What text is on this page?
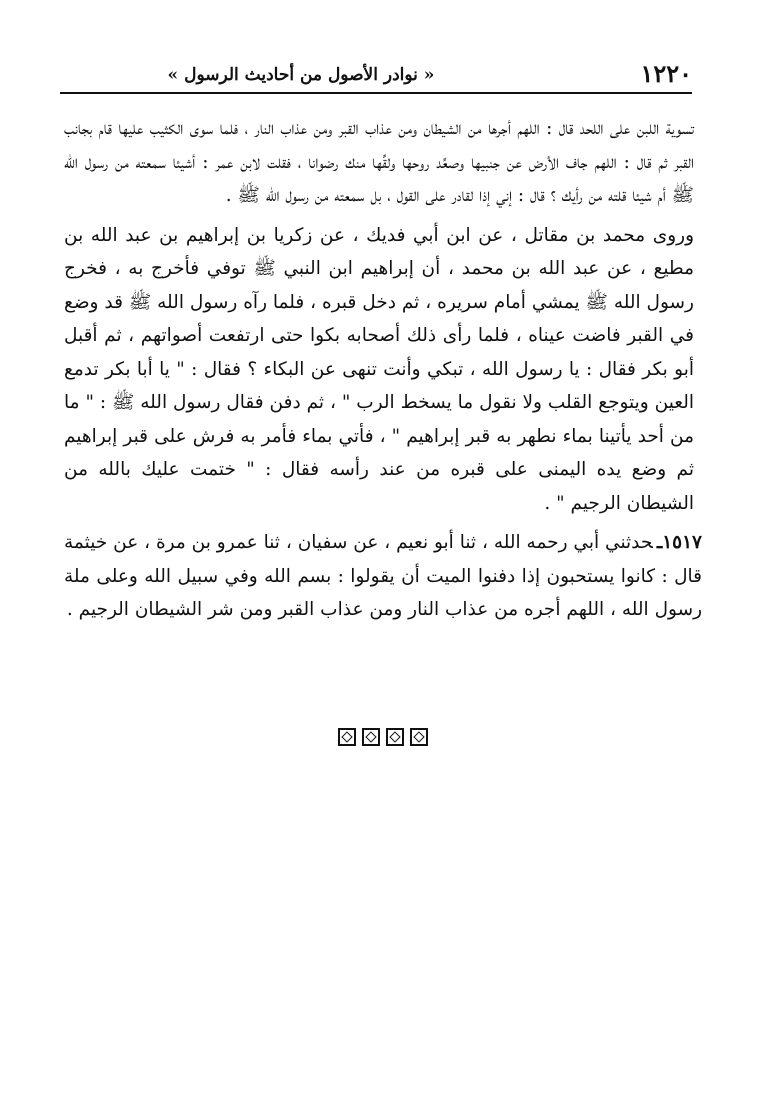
١٢٢٠
« نوادر الأصول من أحاديث الرسول »

تسوية اللبن على اللحد قال : اللهم أجرها من الشيطان ومن عذاب القبر ومن عذاب النار ، فلما سوى الكثيب عليها قام بجانب القبر ثم قال : اللهم جاف الأرض عن جنبيها وصعِّد روحها ولقِّها منك رضوانا ، فقلت لابن عمر : أشيئا سمعته من رسول الله ﷺ أم شيئا قلته من رأيك ؟ قال : إني إذا لقادر على القول ، بل سمعته من رسول الله ﷺ .

وروى محمد بن مقاتل ، عن ابن أبي فديك ، عن زكريا بن إبراهيم بن عبد الله بن مطيع ، عن عبد الله بن محمد ، أن إبراهيم ابن النبي ﷺ توفي فأخرج به ، فخرج رسول الله ﷺ يمشي أمام سريره ، ثم دخل قبره ، فلما رآه رسول الله ﷺ قد وضع في القبر فاضت عيناه ، فلما رأى ذلك أصحابه بكوا حتى ارتفعت أصواتهم ، ثم أقبل أبو بكر فقال : يا رسول الله ، تبكي وأنت تنهى عن البكاء ؟ فقال : " يا أبا بكر تدمع العين ويتوجع القلب ولا نقول ما يسخط الرب " ، ثم دفن فقال رسول الله ﷺ : " ما من أحد يأتينا بماء نطهر به قبر إبراهيم " ، فأتي بماء فأمر به فرش على قبر إبراهيم ثم وضع يده اليمنى على قبره من عند رأسه فقال : " ختمت عليك بالله من الشيطان الرجيم " .

١٥١٧ـحدثني أبي رحمه الله ، ثنا أبو نعيم ، عن سفيان ، ثنا عمرو بن مرة ، عن خيثمة قال : كانوا يستحبون إذا دفنوا الميت أن يقولوا : بسم الله وفي سبيل الله وعلى ملة رسول الله ، اللهم أجره من عذاب النار ومن عذاب القبر ومن شر الشيطان الرجيم .
